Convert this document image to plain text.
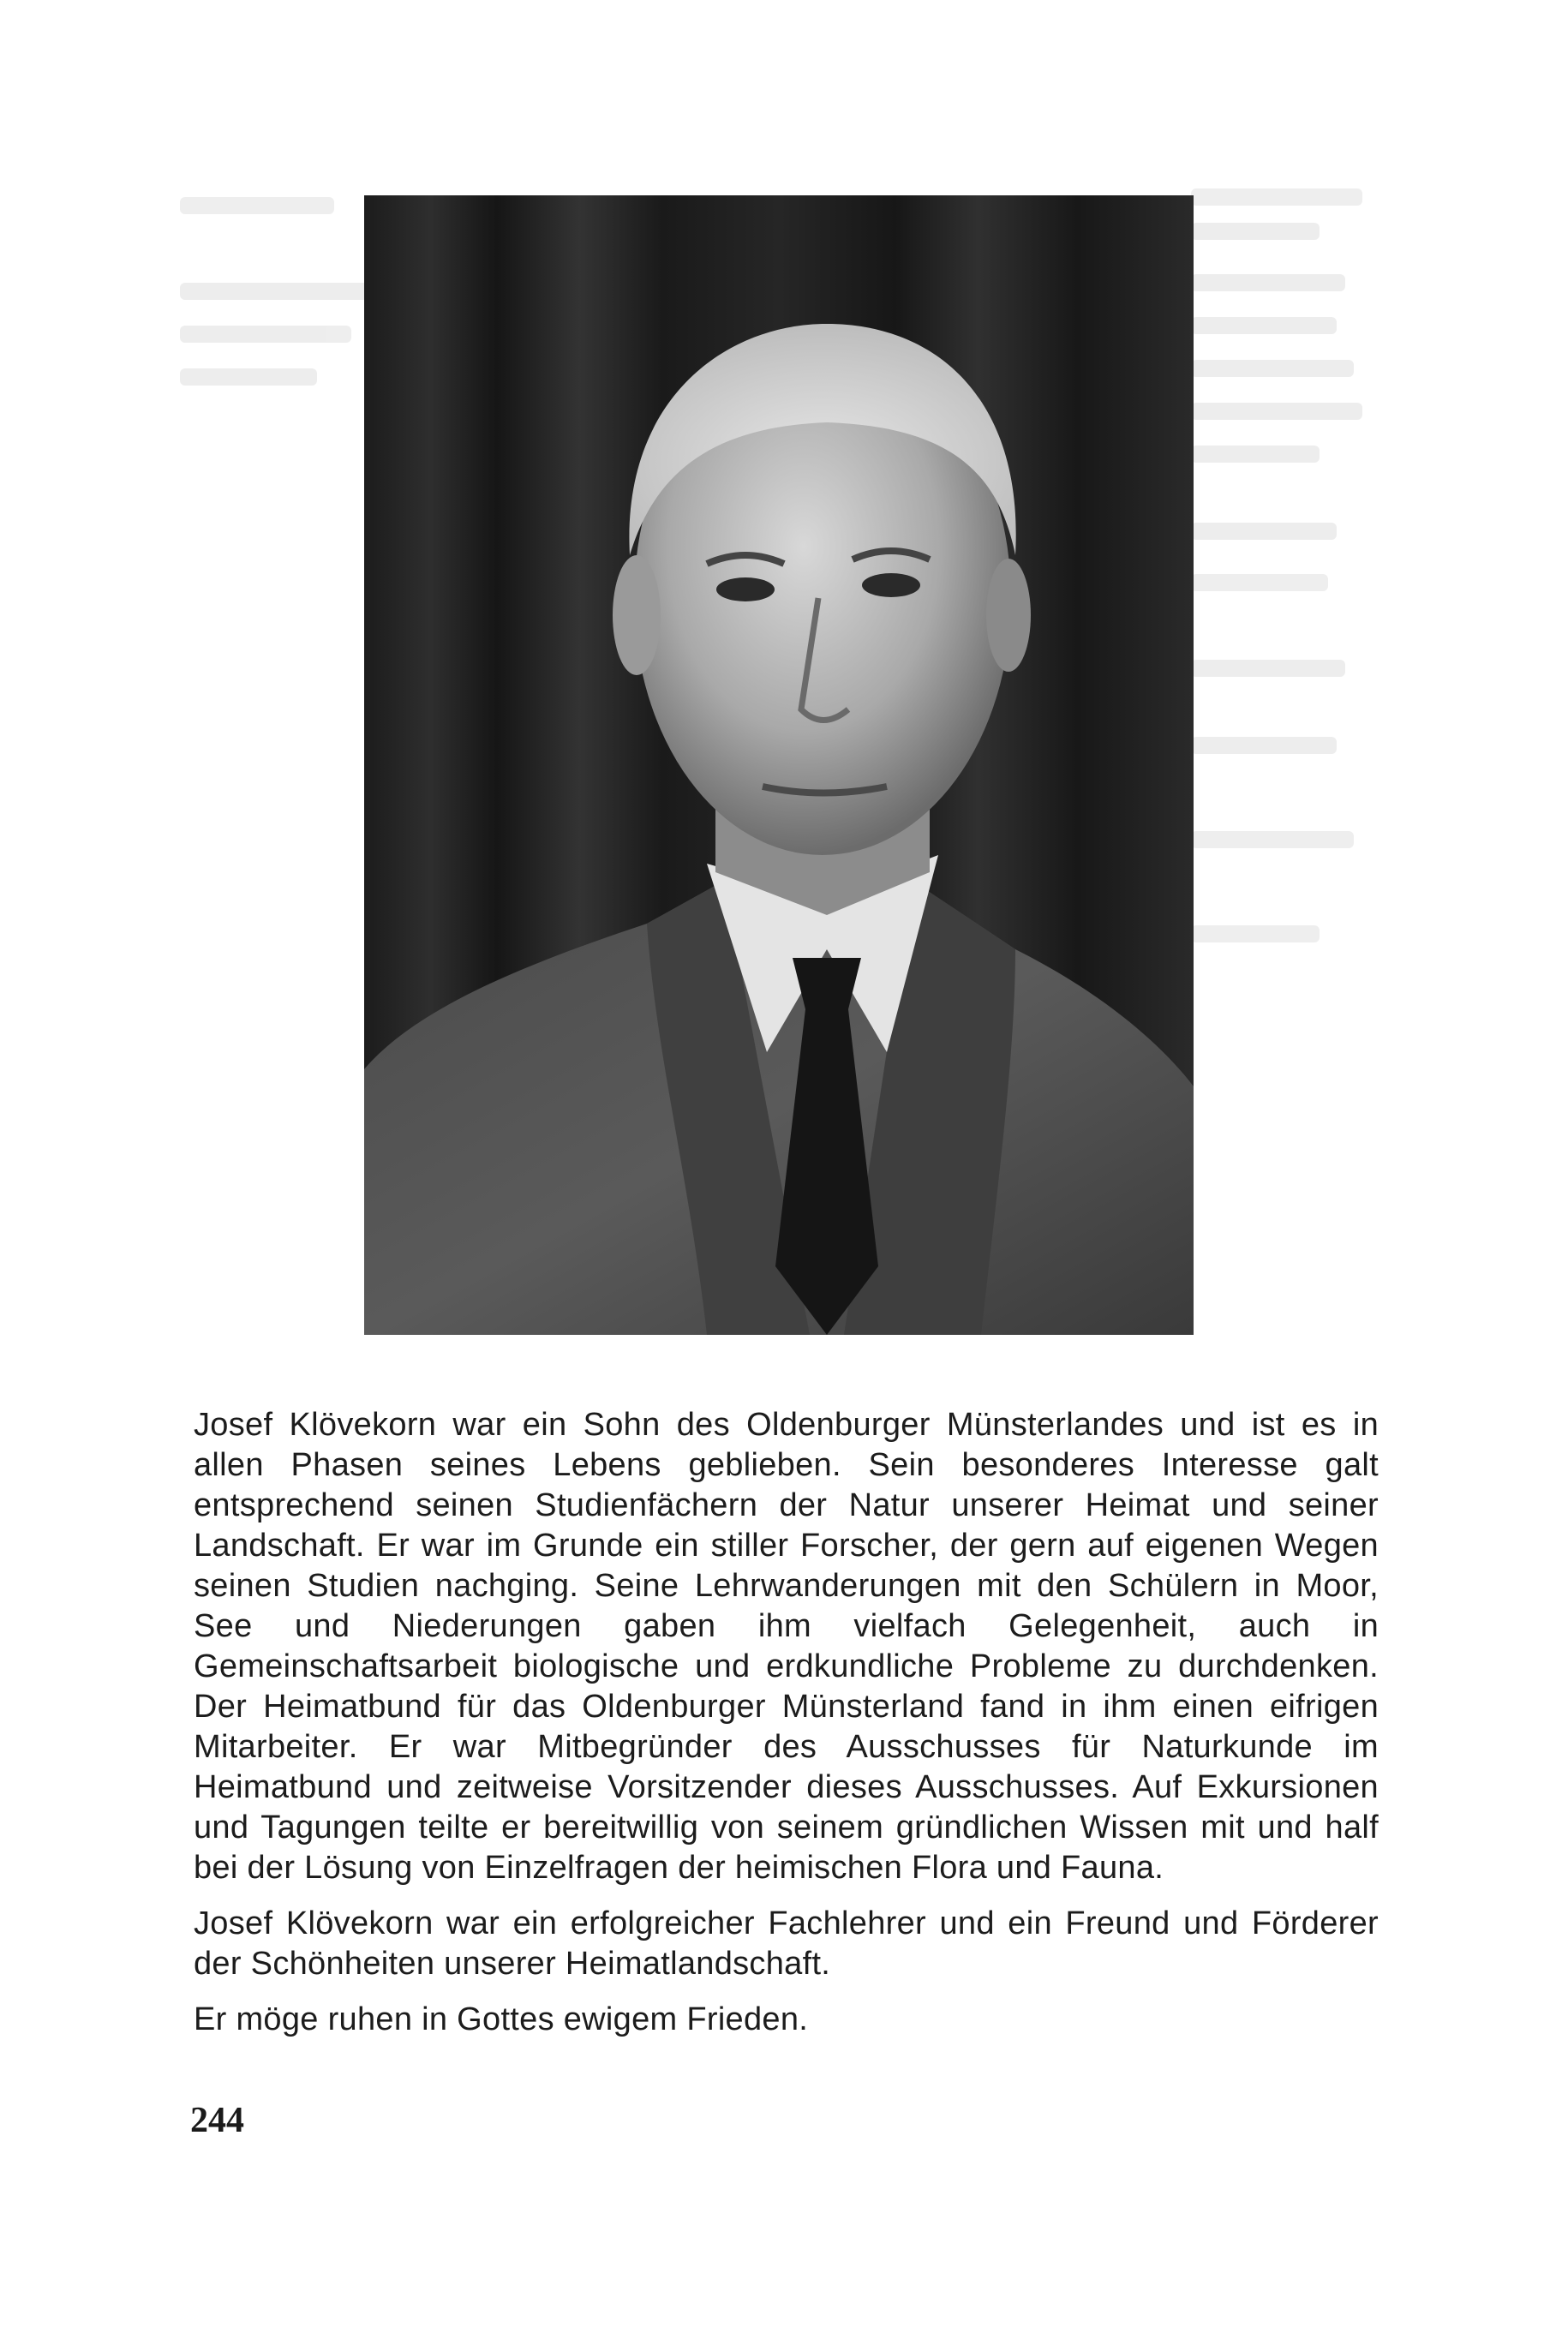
Josef Klövekorn war ein Sohn des Oldenburger Münsterlandes und ist es in allen Phasen seines Lebens geblieben. Sein besonderes Interesse galt entsprechend seinen Studienfächern der Natur unserer Heimat und seiner Landschaft. Er war im Grunde ein stiller Forscher, der gern auf eigenen Wegen seinen Studien nachging. Seine Lehrwanderungen mit den Schülern in Moor, See und Niederungen gaben ihm vielfach Gelegenheit, auch in Gemeinschaftsarbeit biologische und erdkundliche Probleme zu durchdenken. Der Heimatbund für das Oldenburger Münsterland fand in ihm einen eifrigen Mitarbeiter. Er war Mitbegründer des Ausschusses für Naturkunde im Heimatbund und zeitweise Vorsitzender dieses Ausschusses. Auf Exkursionen und Tagungen teilte er bereitwillig von seinem gründlichen Wissen mit und half bei der Lösung von Einzelfragen der heimischen Flora und Fauna.

Josef Klövekorn war ein erfolgreicher Fachlehrer und ein Freund und Förderer der Schönheiten unserer Heimatlandschaft.

Er möge ruhen in Gottes ewigem Frieden.

244
